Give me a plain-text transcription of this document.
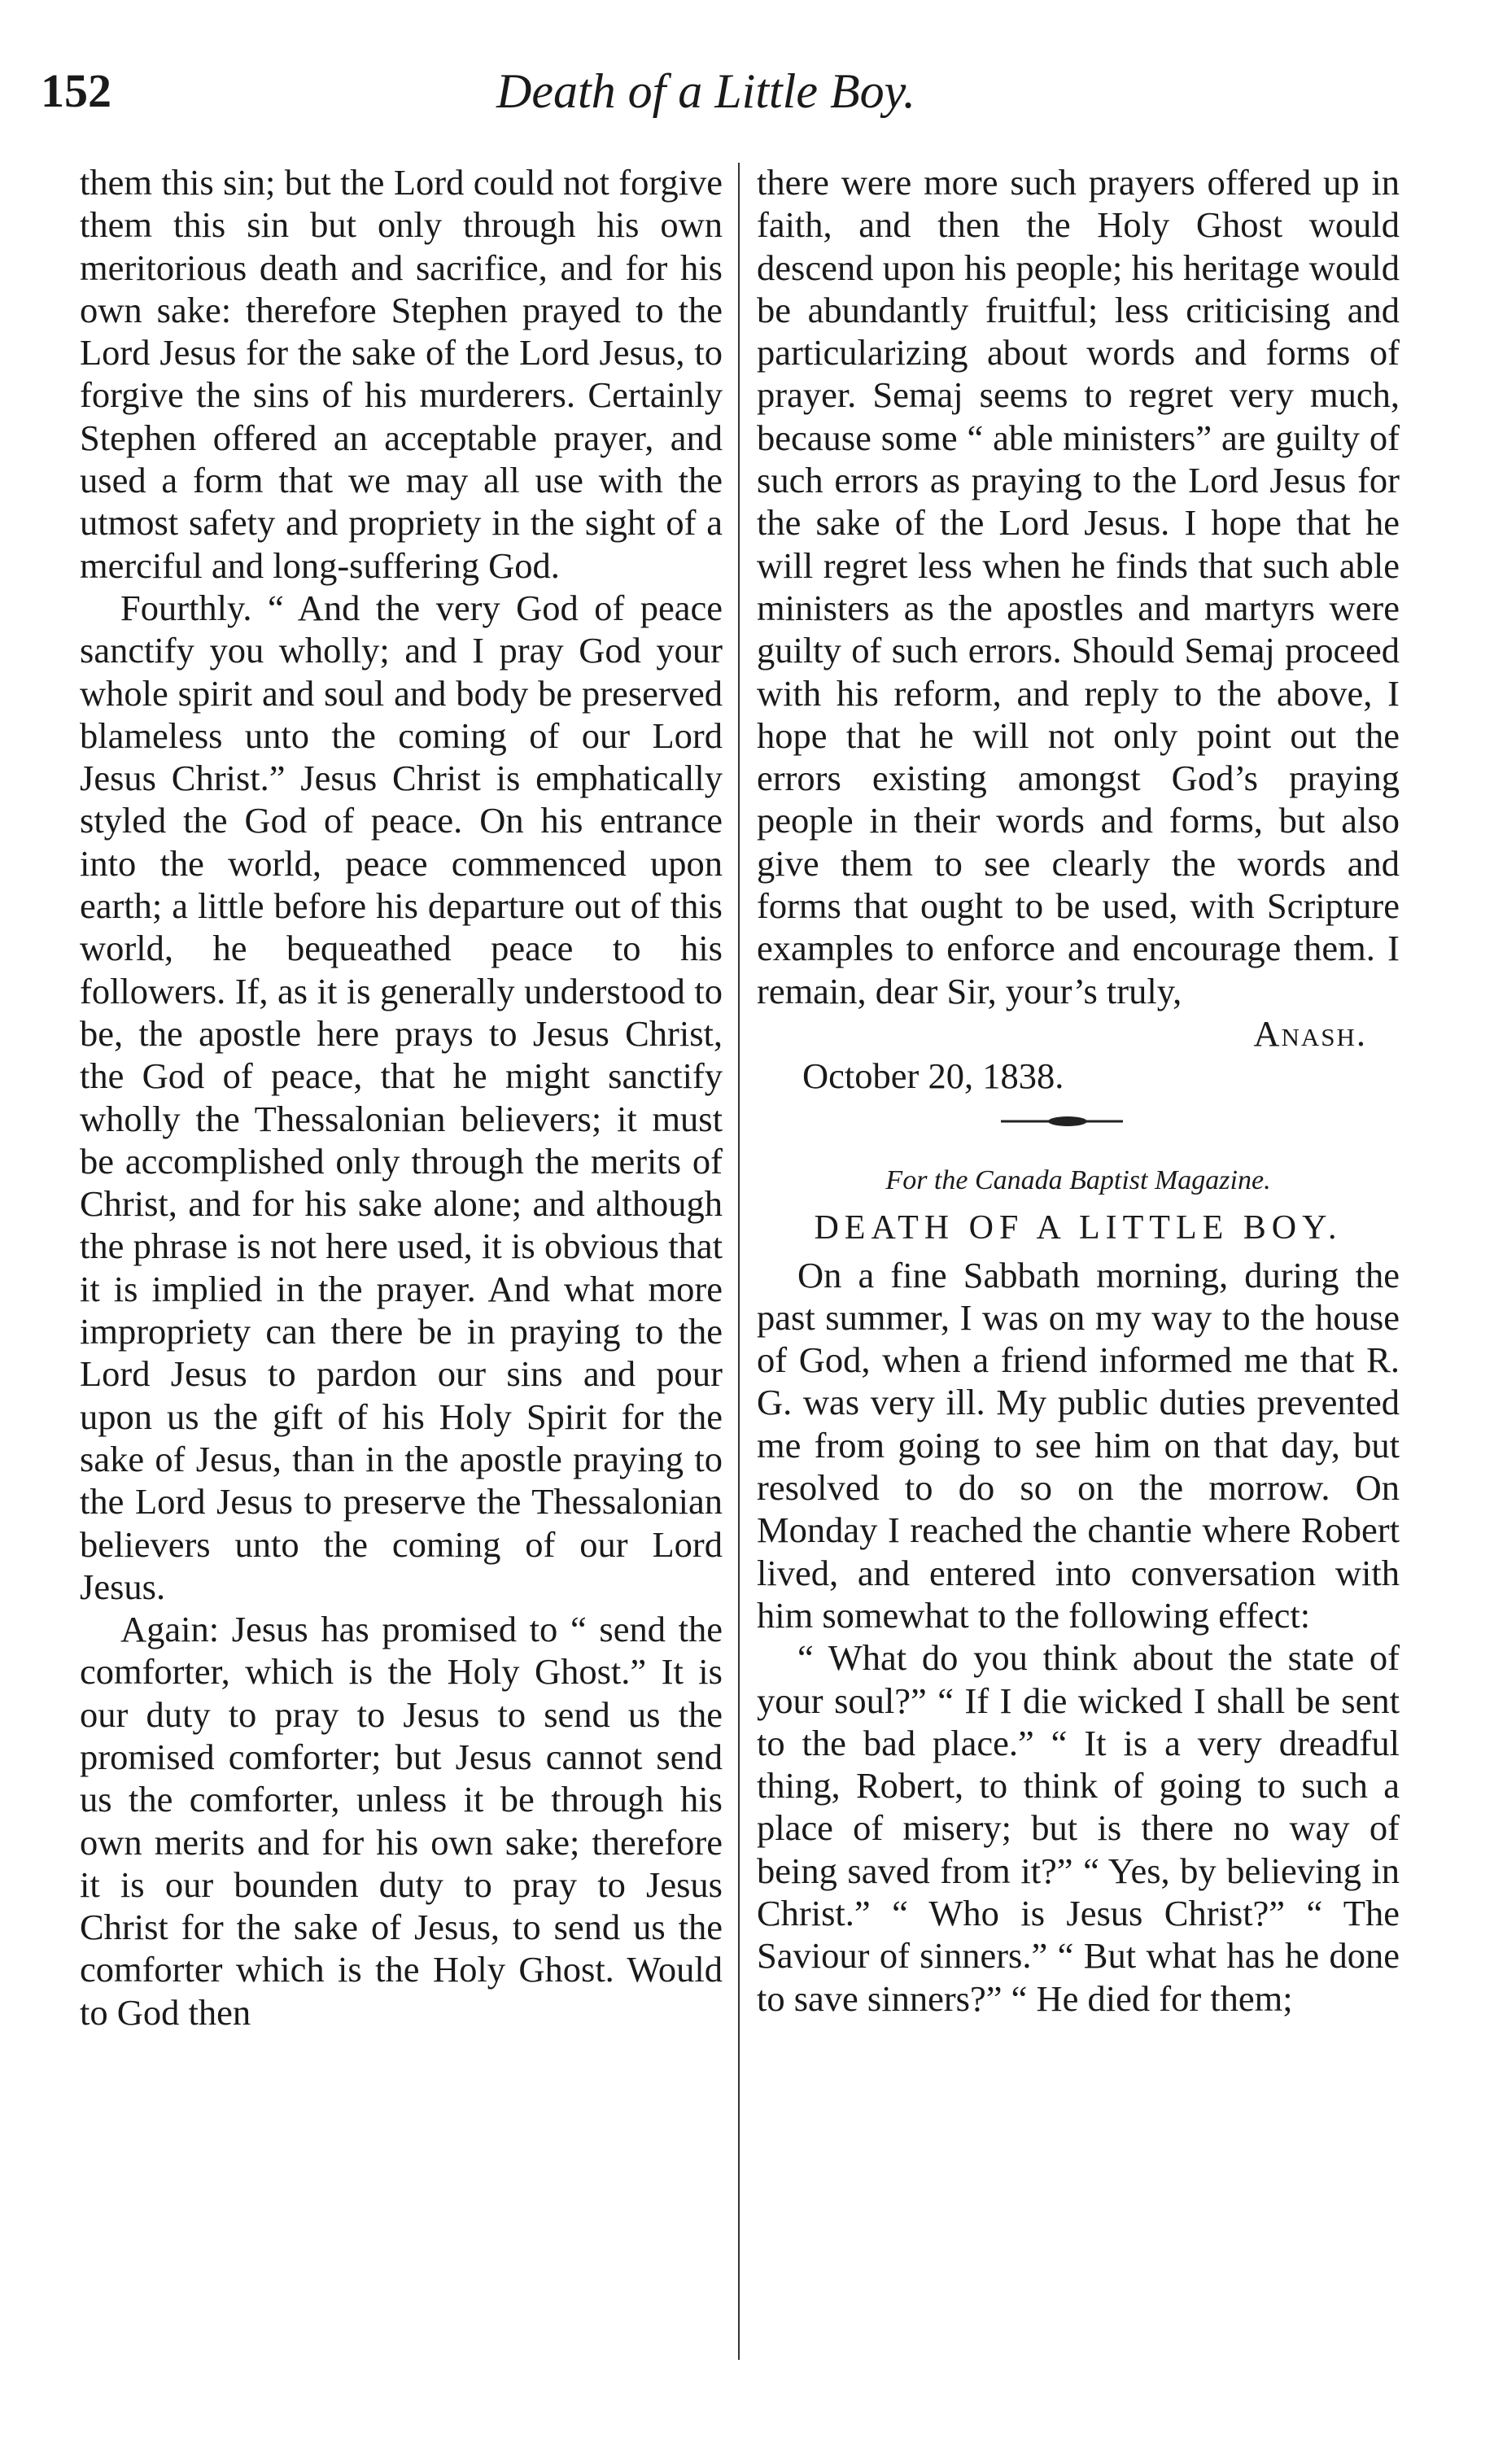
152	Death of a Little Boy.

them this sin; but the Lord could not forgive them this sin but only through his own meritorious death and sacrifice, and for his own sake: therefore Stephen prayed to the Lord Jesus for the sake of the Lord Jesus, to forgive the sins of his murderers. Certainly Stephen offered an acceptable prayer, and used a form that we may all use with the utmost safety and propriety in the sight of a merciful and long-suffering God.

Fourthly. “ And the very God of peace sanctify you wholly; and I pray God your whole spirit and soul and body be preserved blameless unto the coming of our Lord Jesus Christ.” Jesus Christ is emphatically styled the God of peace. On his entrance into the world, peace commenced upon earth; a little before his departure out of this world, he bequeathed peace to his followers. If, as it is generally understood to be, the apostle here prays to Jesus Christ, the God of peace, that he might sanctify wholly the Thessalonian believers; it must be accomplished only through the merits of Christ, and for his sake alone; and although the phrase is not here used, it is obvious that it is implied in the prayer. And what more impropriety can there be in praying to the Lord Jesus to pardon our sins and pour upon us the gift of his Holy Spirit for the sake of Jesus, than in the apostle praying to the Lord Jesus to preserve the Thessalonian believers unto the coming of our Lord Jesus.

Again: Jesus has promised to “ send the comforter, which is the Holy Ghost.” It is our duty to pray to Jesus to send us the promised comforter; but Jesus cannot send us the comforter, unless it be through his own merits and for his own sake; therefore it is our bounden duty to pray to Jesus Christ for the sake of Jesus, to send us the comforter which is the Holy Ghost. Would to God then

there were more such prayers offered up in faith, and then the Holy Ghost would descend upon his people; his heritage would be abundantly fruitful; less criticising and particularizing about words and forms of prayer. Semaj seems to regret very much, because some “ able ministers” are guilty of such errors as praying to the Lord Jesus for the sake of the Lord Jesus. I hope that he will regret less when he finds that such able ministers as the apostles and martyrs were guilty of such errors. Should Semaj proceed with his reform, and reply to the above, I hope that he will not only point out the errors existing amongst God’s praying people in their words and forms, but also give them to see clearly the words and forms that ought to be used, with Scripture examples to enforce and encourage them. I remain, dear Sir, your’s truly,

Anash.

October 20, 1838.

For the Canada Baptist Magazine.

DEATH OF A LITTLE BOY.

On a fine Sabbath morning, during the past summer, I was on my way to the house of God, when a friend informed me that R. G. was very ill. My public duties prevented me from going to see him on that day, but resolved to do so on the morrow. On Monday I reached the chantie where Robert lived, and entered into conversation with him somewhat to the following effect:

“ What do you think about the state of your soul?” “ If I die wicked I shall be sent to the bad place.” “ It is a very dreadful thing, Robert, to think of going to such a place of misery; but is there no way of being saved from it?” “ Yes, by believing in Christ.” “ Who is Jesus Christ?” “ The Saviour of sinners.” “ But what has he done to save sinners?” “ He died for them;
